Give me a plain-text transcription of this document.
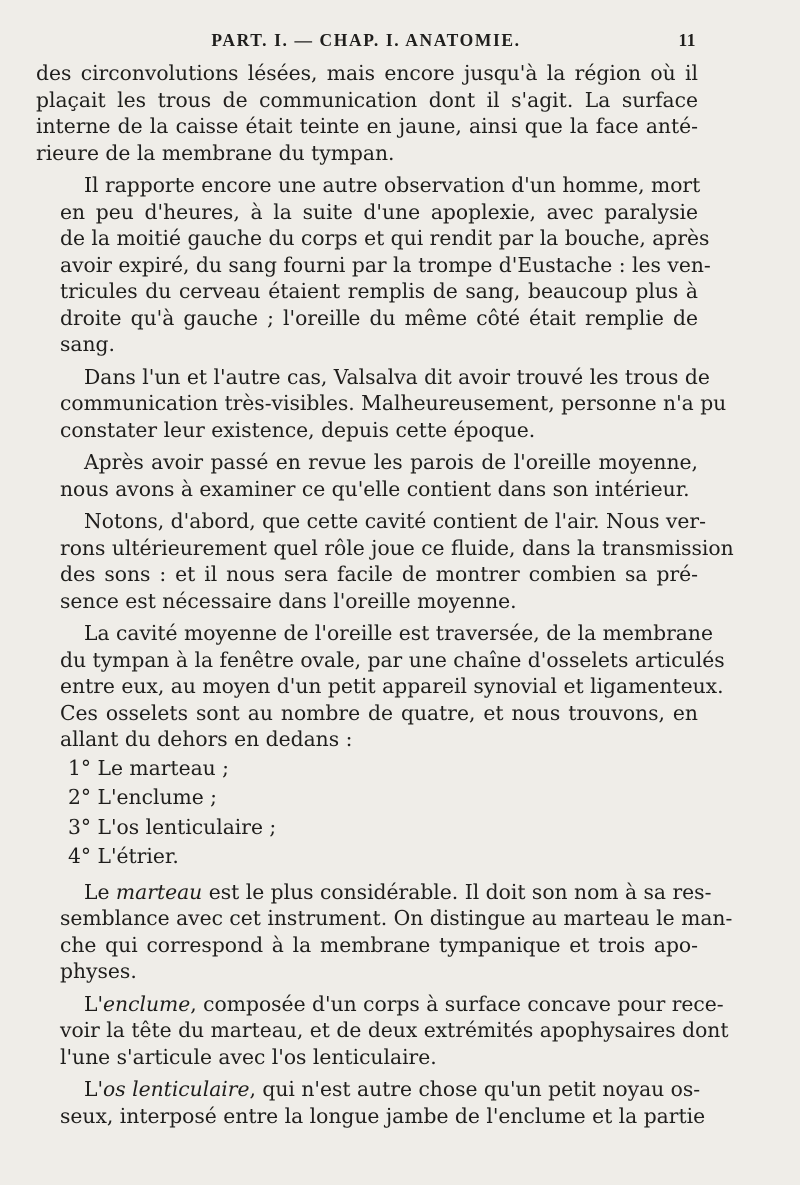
PART. I. — CHAP. I. ANATOMIE.	11
des circonvolutions lésées, mais encore jusqu'à la région où il
plaçait les trous de communication dont il s'agit. La surface
interne de la caisse était teinte en jaune, ainsi que la face anté-
rieure de la membrane du tympan.
Il rapporte encore une autre observation d'un homme, mort
en peu d'heures, à la suite d'une apoplexie, avec paralysie
de la moitié gauche du corps et qui rendit par la bouche, après
avoir expiré, du sang fourni par la trompe d'Eustache : les ven-
tricules du cerveau étaient remplis de sang, beaucoup plus à
droite qu'à gauche ; l'oreille du même côté était remplie de
sang.
Dans l'un et l'autre cas, Valsalva dit avoir trouvé les trous de
communication très-visibles. Malheureusement, personne n'a pu
constater leur existence, depuis cette époque.
Après avoir passé en revue les parois de l'oreille moyenne,
nous avons à examiner ce qu'elle contient dans son intérieur.
Notons, d'abord, que cette cavité contient de l'air. Nous ver-
rons ultérieurement quel rôle joue ce fluide, dans la transmission
des sons : et il nous sera facile de montrer combien sa pré-
sence est nécessaire dans l'oreille moyenne.
La cavité moyenne de l'oreille est traversée, de la membrane
du tympan à la fenêtre ovale, par une chaîne d'osselets articulés
entre eux, au moyen d'un petit appareil synovial et ligamenteux.
Ces osselets sont au nombre de quatre, et nous trouvons, en
allant du dehors en dedans :
1° Le marteau ;
2° L'enclume ;
3° L'os lenticulaire ;
4° L'étrier.
Le marteau est le plus considérable. Il doit son nom à sa res-
semblance avec cet instrument. On distingue au marteau le man-
che qui correspond à la membrane tympanique et trois apo-
physes.
L'enclume, composée d'un corps à surface concave pour rece-
voir la tête du marteau, et de deux extrémités apophysaires dont
l'une s'articule avec l'os lenticulaire.
L'os lenticulaire, qui n'est autre chose qu'un petit noyau os-
seux, interposé entre la longue jambe de l'enclume et la partie
